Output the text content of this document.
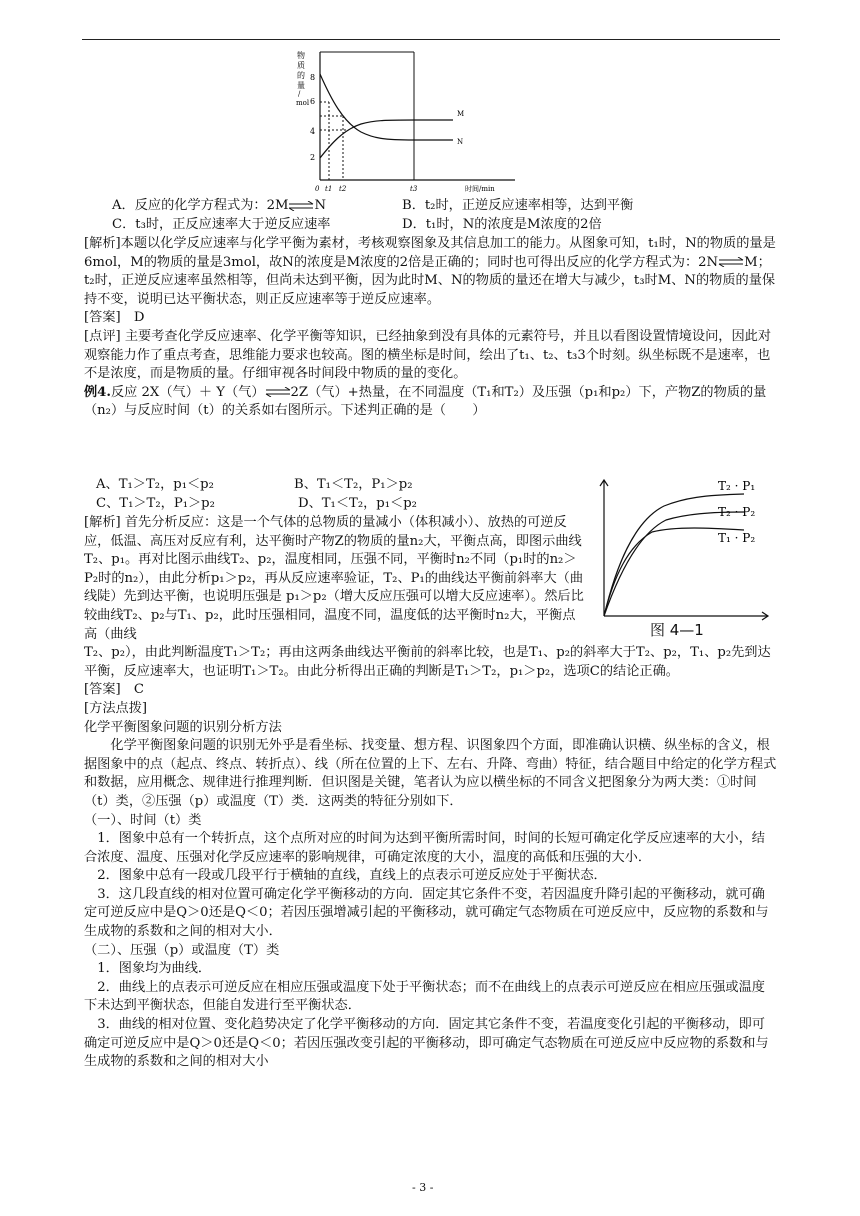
物
质
的
量
/
mol
8
6
4
2
M
N
0 t1 t2	t3	时间/min
A．反应的化学方程式为：2M⇌N	B．t₂时，正逆反应速率相等，达到平衡
C．t₃时，正反应速率大于逆反应速率	D．t₁时，N的浓度是M浓度的2倍

[解析]本题以化学反应速率与化学平衡为素材，考核观察图象及其信息加工的能力。从图象可知，t₁时，N的物质的量是6mol，M的物质的量是3mol，故N的浓度是M浓度的2倍是正确的；同时也可得出反应的化学方程式为：2N⇌M；t₂时，正逆反应速率虽然相等，但尚未达到平衡，因为此时M、N的物质的量还在增大与减少，t₃时M、N的物质的量保持不变，说明已达平衡状态，则正反应速率等于逆反应速率。

[答案]　D

[点评] 主要考查化学反应速率、化学平衡等知识，已经抽象到没有具体的元素符号，并且以看图设置情境设问，因此对观察能力作了重点考查，思维能力要求也较高。图的横坐标是时间，绘出了t₁、t₂、t₃3个时刻。纵坐标既不是速率，也不是浓度，而是物质的量。仔细审视各时间段中物质的量的变化。

例4.反应 2X（气）＋ Y（气）⇌2Z（气）+热量，在不同温度（T₁和T₂）及压强（p₁和p₂）下，产物Z的物质的量（n₂）与反应时间（t）的关系如右图所示。下述判正确的是（　　）

A、T₁＞T₂，p₁＜p₂	B、T₁＜T₂，P₁＞p₂
C、T₁＞T₂，P₁＞p₂	D、T₁＜T₂，p₁＜p₂

[解析] 首先分析反应：这是一个气体的总物质的量减小（体积减小）、放热的可逆反应，低温、高压对反应有利，达平衡时产物Z的物质的量n₂大，平衡点高，即图示曲线T₂、p₁。再对比图示曲线T₂、p₂，温度相同，压强不同，平衡时n₂不同（p₁时的n₂＞P₂时的n₂），由此分析p₁＞p₂，再从反应速率验证，T₂、P₁的曲线达平衡前斜率大（曲线陡）先到达平衡，也说明压强是 p₁＞p₂（增大反应压强可以增大反应速率）。然后比较曲线T₂、p₂与T₁、p₂，此时压强相同，温度不同，温度低的达平衡时n₂大，平衡点高（曲线

T₂、p₂），由此判断温度T₁＞T₂；再由这两条曲线达平衡前的斜率比较，也是T₁、p₂的斜率大于T₂、p₂，T₁、p₂先到达平衡，反应速率大，也证明T₁＞T₂。由此分析得出正确的判断是T₁＞T₂，p₁＞p₂，选项C的结论正确。

[答案]　C

[方法点拨]

化学平衡图象问题的识别分析方法

化学平衡图象问题的识别无外乎是看坐标、找变量、想方程、识图象四个方面，即准确认识横、纵坐标的含义，根据图象中的点（起点、终点、转折点）、线（所在位置的上下、左右、升降、弯曲）特征，结合题目中给定的化学方程式和数据，应用概念、规律进行推理判断．但识图是关键，笔者认为应以横坐标的不同含义把图象分为两大类：①时间（t）类，②压强（p）或温度（T）类．这两类的特征分别如下．

（一）、时间（t）类

1．图象中总有一个转折点，这个点所对应的时间为达到平衡所需时间，时间的长短可确定化学反应速率的大小，结合浓度、温度、压强对化学反应速率的影响规律，可确定浓度的大小，温度的高低和压强的大小．

2．图象中总有一段或几段平行于横轴的直线，直线上的点表示可逆反应处于平衡状态．

3．这几段直线的相对位置可确定化学平衡移动的方向．固定其它条件不变，若因温度升降引起的平衡移动，就可确定可逆反应中是Q＞0还是Q＜0；若因压强增减引起的平衡移动，就可确定气态物质在可逆反应中，反应物的系数和与生成物的系数和之间的相对大小．

（二）、压强（p）或温度（T）类

1．图象均为曲线．

2．曲线上的点表示可逆反应在相应压强或温度下处于平衡状态；而不在曲线上的点表示可逆反应在相应压强或温度下未达到平衡状态，但能自发进行至平衡状态．

3．曲线的相对位置、变化趋势决定了化学平衡移动的方向．固定其它条件不变，若温度变化引起的平衡移动，即可确定可逆反应中是Q＞0还是Q＜0；若因压强改变引起的平衡移动，即可确定气态物质在可逆反应中反应物的系数和与生成物的系数和之间的相对大小

T₂ · P₁
T₂ · P₂
T₁ · P₂
图 4—1
- 3 -
